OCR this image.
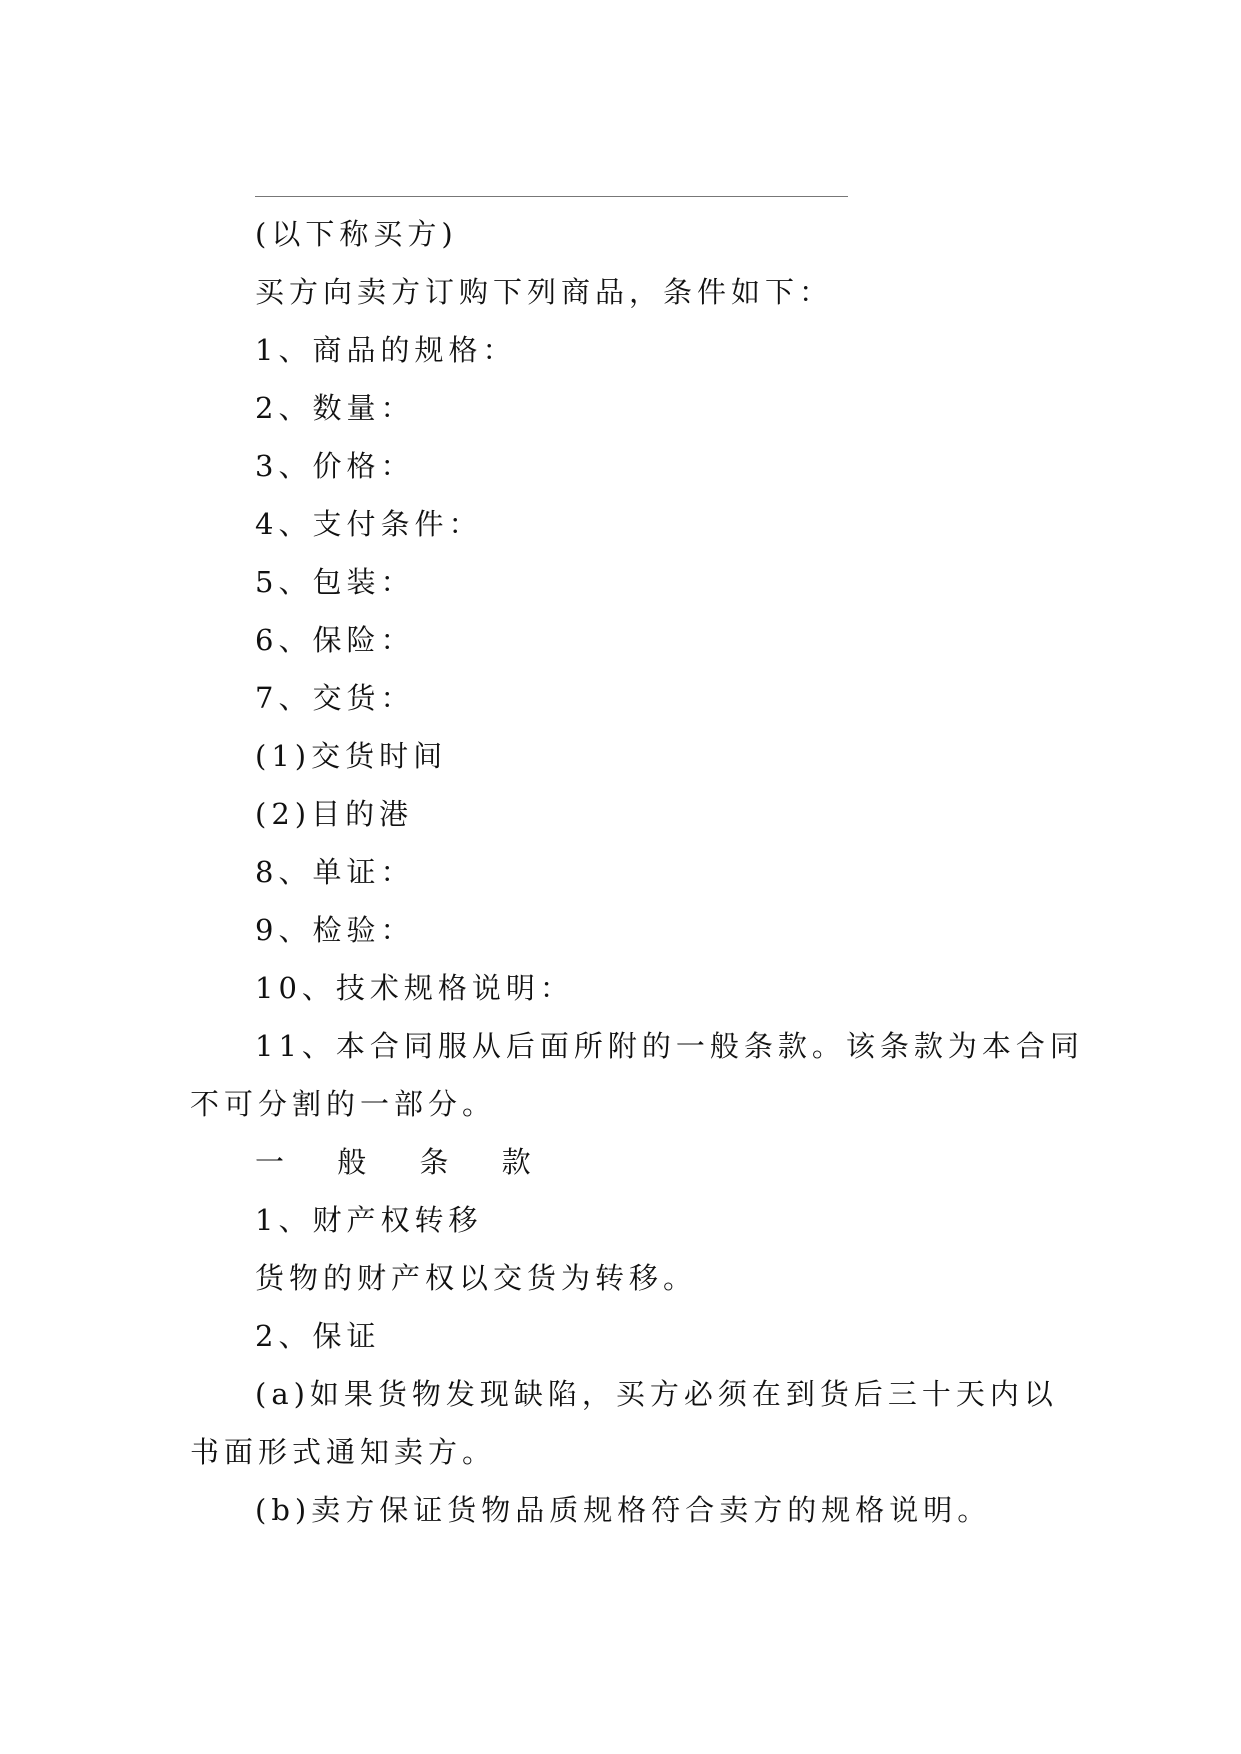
(以下称买方)
买方向卖方订购下列商品，条件如下：
1、商品的规格：
2、数量：
3、价格：
4、支付条件：
5、包装：
6、保险：
7、交货：
(1)交货时间
(2)目的港
8、单证：
9、检验：
10、技术规格说明：
11、本合同服从后面所附的一般条款。该条款为本合同
不可分割的一部分。
一 般 条 款
1、财产权转移
货物的财产权以交货为转移。
2、保证
(a)如果货物发现缺陷，买方必须在到货后三十天内以
书面形式通知卖方。
(b)卖方保证货物品质规格符合卖方的规格说明。
